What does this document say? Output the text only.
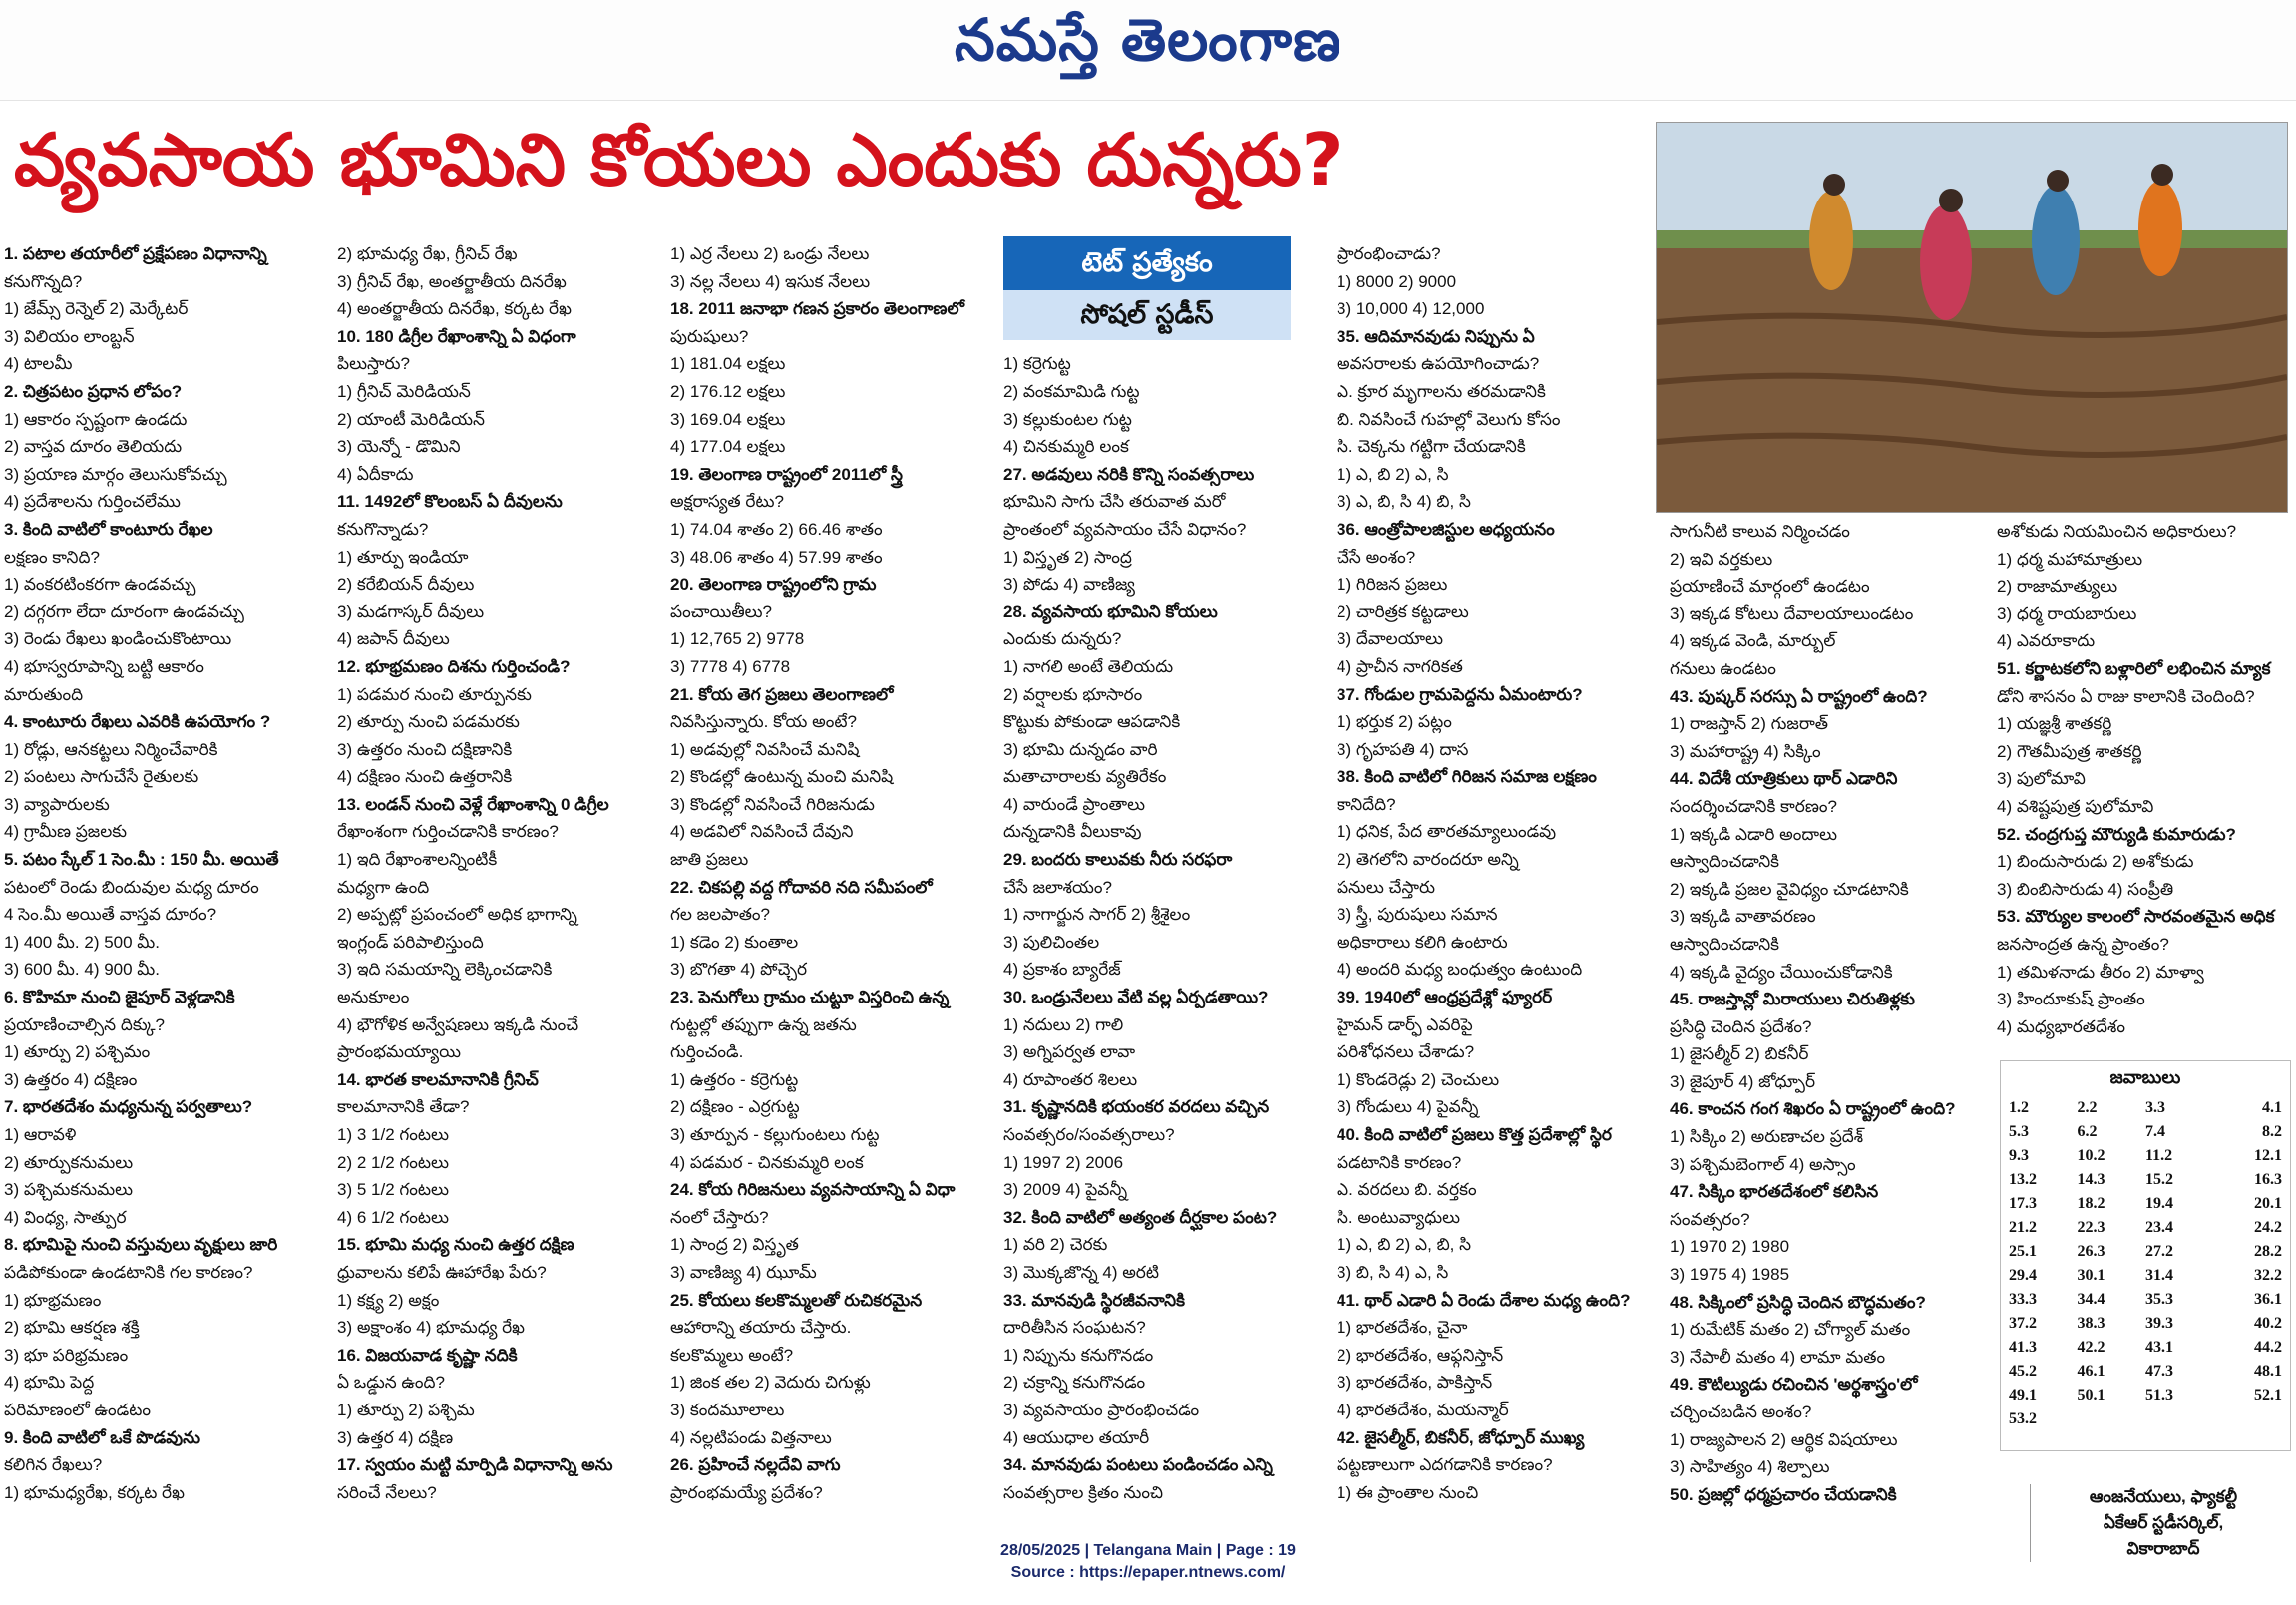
నమస్తే తెలంగాణ
వ్యవసాయ భూమిని కోయలు ఎందుకు దున్నరు?
టెట్ ప్రత్యేకం
సోషల్ స్టడీస్
1. పటాల తయారీలో ప్రక్షేపణం విధానాన్ని
కనుగొన్నది?
1) జేమ్స్ రెన్నెల్ 2) మెర్కేటర్
3) విలియం లాంబ్టన్
4) టాలమీ
2. చిత్రపటం ప్రధాన లోపం?
1) ఆకారం స్పష్టంగా ఉండదు
2) వాస్తవ దూరం తెలియదు
3) ప్రయాణ మార్గం తెలుసుకోవచ్చు
4) ప్రదేశాలను గుర్తించలేము
3. కింది వాటిలో కాంటూరు రేఖల
లక్షణం కానిది?
1) వంకరటింకరగా ఉండవచ్చు
2) దగ్గరగా లేదా దూరంగా ఉండవచ్చు
3) రెండు రేఖలు ఖండించుకొంటాయి
4) భూస్వరూపాన్ని బట్టి ఆకారం
మారుతుంది
4. కాంటూరు రేఖలు ఎవరికి ఉపయోగం ?
1) రోడ్లు, ఆనకట్టలు నిర్మించేవారికి
2) పంటలు సాగుచేసే రైతులకు
3) వ్యాపారులకు
4) గ్రామీణ ప్రజలకు
5. పటం స్కేల్ 1 సెం.మీ : 150 మీ. అయితే
పటంలో రెండు బిందువుల మధ్య దూరం
4 సెం.మీ అయితే వాస్తవ దూరం?
1) 400 మీ. 2) 500 మీ.
3) 600 మీ. 4) 900 మీ.
6. కొహిమా నుంచి జైపూర్ వెళ్లడానికి
ప్రయాణించాల్సిన దిక్కు?
1) తూర్పు 2) పశ్చిమం
3) ఉత్తరం 4) దక్షిణం
7. భారతదేశం మధ్యనున్న పర్వతాలు?
1) ఆరావళి
2) తూర్పుకనుమలు
3) పశ్చిమకనుమలు
4) వింధ్య, సాత్పుర
8. భూమిపై నుంచి వస్తువులు వృక్షులు జారి
పడిపోకుండా ఉండటానికి గల కారణం?
1) భూభ్రమణం
2) భూమి ఆకర్షణ శక్తి
3) భూ పరిభ్రమణం
4) భూమి పెద్ద
పరిమాణంలో ఉండటం
9. కింది వాటిలో ఒకే పొడవును
కలిగిన రేఖలు?
1) భూమధ్యరేఖ, కర్కట రేఖ
2) భూమధ్య రేఖ, గ్రీనిచ్ రేఖ
3) గ్రీనిచ్ రేఖ, అంతర్జాతీయ దినరేఖ
4) అంతర్జాతీయ దినరేఖ, కర్కట రేఖ
10. 180 డిగ్రీల రేఖాంశాన్ని ఏ విధంగా
పిలుస్తారు?
1) గ్రీనిచ్ మెరిడియన్
2) యాంటీ మెరిడియన్
3) యెన్నో - డొమిని
4) ఏదీకాదు
11. 1492లో కొలంబస్ ఏ దీవులను
కనుగొన్నాడు?
1) తూర్పు ఇండియా
2) కరేబియన్ దీవులు
3) మడగాస్కర్ దీవులు
4) జపాన్ దీవులు
12. భూభ్రమణం దిశను గుర్తించండి?
1) పడమర నుంచి తూర్పునకు
2) తూర్పు నుంచి పడమరకు
3) ఉత్తరం నుంచి దక్షిణానికి
4) దక్షిణం నుంచి ఉత్తరానికి
13. లండన్ నుంచి వెళ్లే రేఖాంశాన్ని 0 డిగ్రీల
రేఖాంశంగా గుర్తించడానికి కారణం?
1) ఇది రేఖాంశాలన్నింటికీ
మధ్యగా ఉంది
2) అప్పట్లో ప్రపంచంలో అధిక భాగాన్ని
ఇంగ్లండ్ పరిపాలిస్తుంది
3) ఇది సమయాన్ని లెక్కించడానికి
అనుకూలం
4) భౌగోళిక అన్వేషణలు ఇక్కడి నుంచే
ప్రారంభమయ్యాయి
14. భారత కాలమానానికి గ్రీనిచ్
కాలమానానికి తేడా?
1) 3 1/2 గంటలు
2) 2 1/2 గంటలు
3) 5 1/2 గంటలు
4) 6 1/2 గంటలు
15. భూమి మధ్య నుంచి ఉత్తర దక్షిణ
ధ్రువాలను కలిపే ఊహారేఖ పేరు?
1) కక్ష్య 2) అక్షం
3) అక్షాంశం 4) భూమధ్య రేఖ
16. విజయవాడ కృష్ణా నదికి
ఏ ఒడ్డున ఉంది?
1) తూర్పు 2) పశ్చిమ
3) ఉత్తర 4) దక్షిణ
17. స్వయం మట్టి మార్పిడి విధానాన్ని అను
సరించే నేలలు?
1) ఎర్ర నేలలు 2) ఒండ్రు నేలలు
3) నల్ల నేలలు 4) ఇసుక నేలలు
18. 2011 జనాభా గణన ప్రకారం తెలంగాణలో
పురుషులు?
1) 181.04 లక్షలు
2) 176.12 లక్షలు
3) 169.04 లక్షలు
4) 177.04 లక్షలు
19. తెలంగాణ రాష్ట్రంలో 2011లో స్త్రీ
అక్షరాస్యత రేటు?
1) 74.04 శాతం 2) 66.46 శాతం
3) 48.06 శాతం 4) 57.99 శాతం
20. తెలంగాణ రాష్ట్రంలోని గ్రామ
పంచాయితీలు?
1) 12,765 2) 9778
3) 7778 4) 6778
21. కోయ తెగ ప్రజలు తెలంగాణలో
నివసిస్తున్నారు. కోయ అంటే?
1) అడవుల్లో నివసించే మనిషి
2) కొండల్లో ఉంటున్న మంచి మనిషి
3) కొండల్లో నివసించే గిరిజనుడు
4) అడవిలో నివసించే దేవుని
జాతి ప్రజలు
22. చికపల్లి వద్ద గోదావరి నది సమీపంలో
గల జలపాతం?
1) కడెం 2) కుంతాల
3) బొగతా 4) పోచ్చెర
23. పెనుగోలు గ్రామం చుట్టూ విస్తరించి ఉన్న
గుట్టల్లో తప్పుగా ఉన్న జతను
గుర్తించండి.
1) ఉత్తరం - కర్రెగుట్ట
2) దక్షిణం - ఎర్రగుట్ట
3) తూర్పున - కల్లుగుంటలు గుట్ట
4) పడమర - చినకుమ్మరి లంక
24. కోయ గిరిజనులు వ్యవసాయాన్ని ఏ విధా
నంలో చేస్తారు?
1) సాంద్ర 2) విస్తృత
3) వాణిజ్య 4) ఝూమ్
25. కోయలు కలకొమ్మలతో రుచికరమైన
ఆహారాన్ని తయారు చేస్తారు.
కలకొమ్మలు అంటే?
1) జింక తల 2) వెదురు చిగుళ్లు
3) కందమూలాలు
4) నల్లటిపండు విత్తనాలు
26. ప్రహించే నల్లదేవి వాగు
ప్రారంభమయ్యే ప్రదేశం?
1) కర్రెగుట్ట
2) వంకమామిడి గుట్ట
3) కల్లుకుంటల గుట్ట
4) చినకుమ్మరి లంక
27. అడవులు నరికి కొన్ని సంవత్సరాలు
భూమిని సాగు చేసి తరువాత మరో
ప్రాంతంలో వ్యవసాయం చేసే విధానం?
1) విస్తృత 2) సాంద్ర
3) పోడు 4) వాణిజ్య
28. వ్యవసాయ భూమిని కోయలు
ఎందుకు దున్నరు?
1) నాగలి అంటే తెలియదు
2) వర్షాలకు భూసారం
కొట్టుకు పోకుండా ఆపడానికి
3) భూమి దున్నడం వారి
మతాచారాలకు వ్యతిరేకం
4) వారుండే ప్రాంతాలు
దున్నడానికి వీలుకావు
29. బందరు కాలువకు నీరు సరఫరా
చేసే జలాశయం?
1) నాగార్జున సాగర్ 2) శ్రీశైలం
3) పులిచింతల
4) ప్రకాశం బ్యారేజ్
30. ఒండ్రునేలలు వేటి వల్ల ఏర్పడతాయి?
1) నదులు 2) గాలి
3) అగ్నిపర్వత లావా
4) రూపాంతర శిలలు
31. కృష్ణానదికి భయంకర వరదలు వచ్చిన
సంవత్సరం/సంవత్సరాలు?
1) 1997 2) 2006
3) 2009 4) పైవన్నీ
32. కింది వాటిలో అత్యంత దీర్ఘకాల పంట?
1) వరి 2) చెరకు
3) మొక్కజొన్న 4) అరటి
33. మానవుడి స్థిరజీవనానికి
దారితీసిన సంఘటన?
1) నిప్పును కనుగొనడం
2) చక్రాన్ని కనుగొనడం
3) వ్యవసాయం ప్రారంభించడం
4) ఆయుధాల తయారీ
34. మానవుడు పంటలు పండించడం ఎన్ని
సంవత్సరాల క్రితం నుంచి
ప్రారంభించాడు?
1) 8000 2) 9000
3) 10,000 4) 12,000
35. ఆదిమానవుడు నిప్పును ఏ
అవసరాలకు ఉపయోగించాడు?
ఎ. క్రూర మృగాలను తరమడానికి
బి. నివసించే గుహల్లో వెలుగు కోసం
సి. చెక్కను గట్టిగా చేయడానికి
1) ఎ, బి 2) ఎ, సి
3) ఎ, బి, సి 4) బి, సి
36. ఆంత్రోపాలజిస్టుల అధ్యయనం
చేసే అంశం?
1) గిరిజన ప్రజలు
2) చారిత్రక కట్టడాలు
3) దేవాలయాలు
4) ప్రాచీన నాగరికత
37. గోండుల గ్రామపెద్దను ఏమంటారు?
1) భర్తుక 2) పట్లం
3) గృహపతి 4) దాస
38. కింది వాటిలో గిరిజన సమాజ లక్షణం
కానిదేది?
1) ధనిక, పేద తారతమ్యాలుండవు
2) తెగలోని వారందరూ అన్ని
పనులు చేస్తారు
3) స్త్రీ, పురుషులు సమాన
అధికారాలు కలిగి ఉంటారు
4) అందరి మధ్య బంధుత్వం ఉంటుంది
39. 1940లో ఆంధ్రప్రదేశ్లో ఫ్యూరర్
హైమన్ డార్ఫ్ ఎవరిపై
పరిశోధనలు చేశాడు?
1) కొండరెడ్లు 2) చెంచులు
3) గోండులు 4) పైవన్నీ
40. కింది వాటిలో ప్రజలు కొత్త ప్రదేశాల్లో స్థిర
పడటానికి కారణం?
ఎ. వరదలు బి. వర్తకం
సి. అంటువ్యాధులు
1) ఎ, బి 2) ఎ, బి, సి
3) బి, సి 4) ఎ, సి
41. థార్ ఎడారి ఏ రెండు దేశాల మధ్య ఉంది?
1) భారతదేశం, చైనా
2) భారతదేశం, ఆఫ్గనిస్తాన్
3) భారతదేశం, పాకిస్తాన్
4) భారతదేశం, మయన్మార్
42. జైసల్మీర్, బికనీర్, జోధ్పూర్ ముఖ్య
పట్టణాలుగా ఎదగడానికి కారణం?
1) ఈ ప్రాంతాల నుంచి
సాగునీటి కాలువ నిర్మించడం
2) ఇవి వర్తకులు
ప్రయాణించే మార్గంలో ఉండటం
3) ఇక్కడ కోటలు దేవాలయాలుండటం
4) ఇక్కడ వెండి, మార్బుల్
గనులు ఉండటం
43. పుష్కర్ సరస్సు ఏ రాష్ట్రంలో ఉంది?
1) రాజస్తాన్ 2) గుజరాత్
3) మహారాష్ట్ర 4) సిక్కిం
44. విదేశీ యాత్రికులు థార్ ఎడారిని
సందర్శించడానికి కారణం?
1) ఇక్కడి ఎడారి అందాలు
ఆస్వాదించడానికి
2) ఇక్కడి ప్రజల వైవిధ్యం చూడటానికి
3) ఇక్కడి వాతావరణం
ఆస్వాదించడానికి
4) ఇక్కడి వైద్యం చేయించుకోడానికి
45. రాజస్తాన్లో మిరాయులు చిరుతిళ్లకు
ప్రసిద్ధి చెందిన ప్రదేశం?
1) జైసల్మీర్ 2) బికనీర్
3) జైపూర్ 4) జోధ్పూర్
46. కాంచన గంగ శిఖరం ఏ రాష్ట్రంలో ఉంది?
1) సిక్కిం 2) అరుణాచల ప్రదేశ్
3) పశ్చిమబెంగాల్ 4) అస్సాం
47. సిక్కిం భారతదేశంలో కలిసిన
సంవత్సరం?
1) 1970 2) 1980
3) 1975 4) 1985
48. సిక్కింలో ప్రసిద్ధి చెందిన బౌద్ధమతం?
1) రుమేటిక్ మతం 2) చోగ్యాల్ మతం
3) నేపాలీ మతం 4) లామా మతం
49. కౌటిల్యుడు రచించిన 'అర్థశాస్త్రం'లో
చర్చించబడిన అంశం?
1) రాజ్యపాలన 2) ఆర్థిక విషయాలు
3) సాహిత్యం 4) శిల్పాలు
50. ప్రజల్లో ధర్మప్రచారం చేయడానికి
అశోకుడు నియమించిన అధికారులు?
1) ధర్మ మహామాత్రులు
2) రాజామాత్యులు
3) ధర్మ రాయబారులు
4) ఎవరూకాదు
51. కర్ణాటకలోని బళ్లారిలో లభించిన మ్యాక
డోని శాసనం ఏ రాజు కాలానికి చెందింది?
1) యజ్ఞశ్రీ శాతకర్ణి
2) గౌతమీపుత్ర శాతకర్ణి
3) పులోమావి
4) వశిష్టపుత్ర పులోమావి
52. చంద్రగుప్త మౌర్యుడి కుమారుడు?
1) బిందుసారుడు 2) అశోకుడు
3) బింబిసారుడు 4) సంప్రీతి
53. మౌర్యుల కాలంలో సారవంతమైన అధిక
జనసాంద్రత ఉన్న ప్రాంతం?
1) తమిళనాడు తీరం 2) మాళ్వా
3) హిందూకుష్ ప్రాంతం
4) మధ్యభారతదేశం
జవాబులు
1.2	2.2	3.3	4.1
5.3	6.2	7.4	8.2
9.3	10.2	11.2	12.1
13.2	14.3	15.2	16.3
17.3	18.2	19.4	20.1
21.2	22.3	23.4	24.2
25.1	26.3	27.2	28.2
29.4	30.1	31.4	32.2
33.3	34.4	35.3	36.1
37.2	38.3	39.3	40.2
41.3	42.2	43.1	44.2
45.2	46.1	47.3	48.1
49.1	50.1	51.3	52.1
53.2
ఆంజనేయులు, ఫ్యాకల్టీ
ఏకేఆర్ స్టడీసర్కిల్,
వికారాబాద్
28/05/2025 | Telangana Main | Page : 19
Source : https://epaper.ntnews.com/
